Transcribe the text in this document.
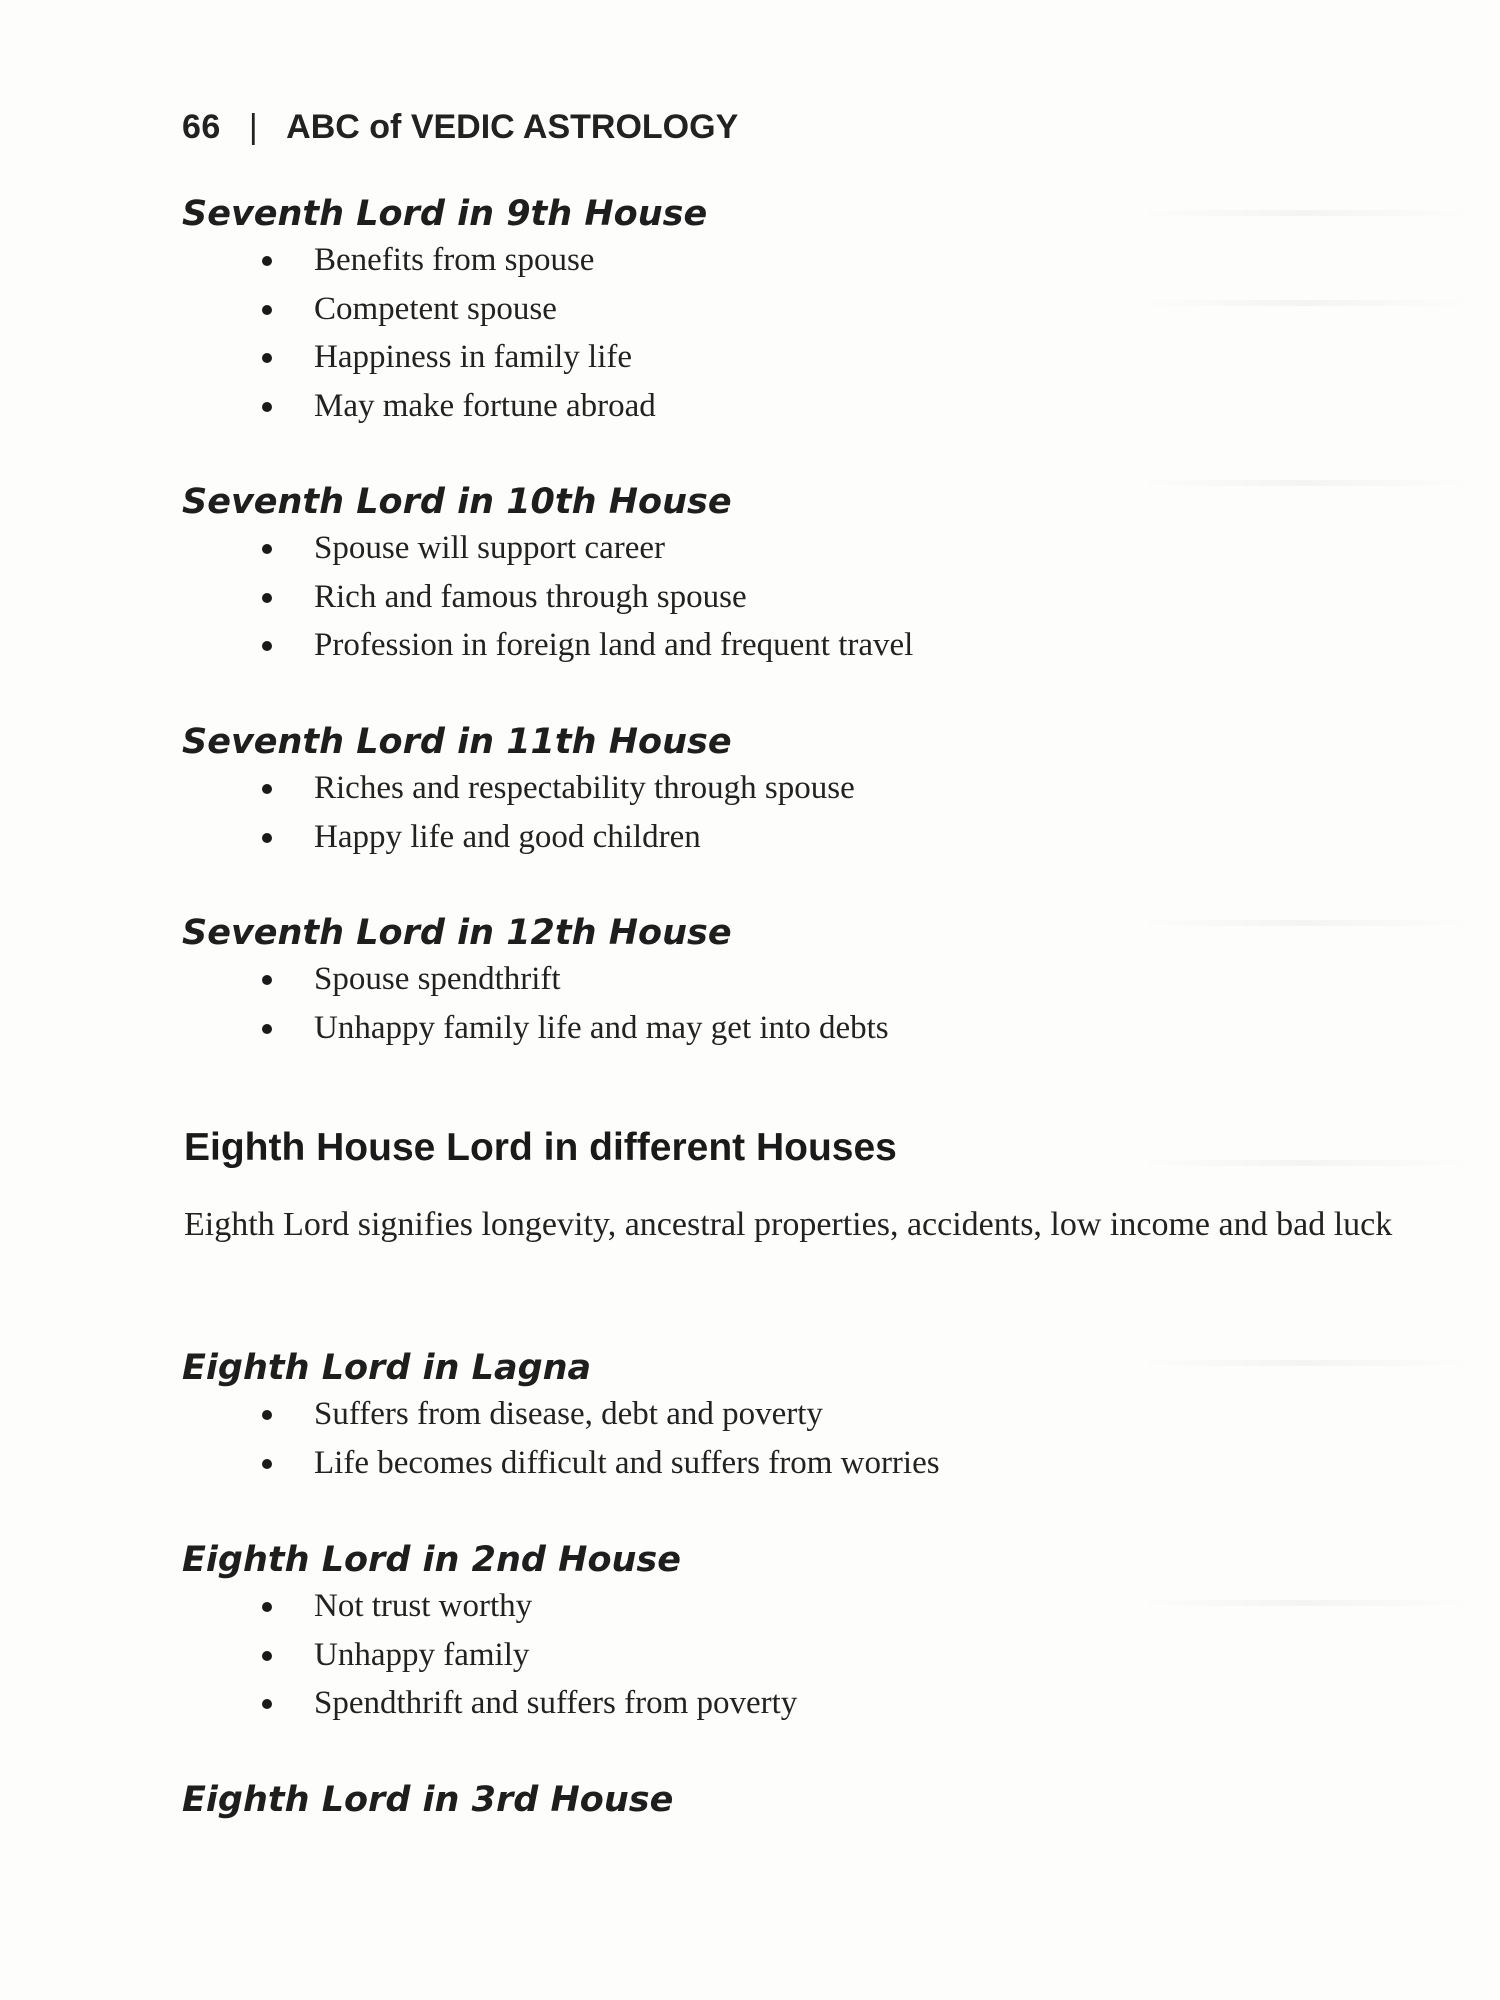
66 | ABC of VEDIC ASTROLOGY
Seventh Lord in 9th House
Benefits from spouse
Competent spouse
Happiness in family life
May make fortune abroad
Seventh Lord in 10th House
Spouse will support career
Rich and famous through spouse
Profession in foreign land and frequent travel
Seventh Lord in 11th House
Riches and respectability through spouse
Happy life and good children
Seventh Lord in 12th House
Spouse spendthrift
Unhappy family life and may get into debts
Eighth House Lord in different Houses

Eighth Lord signifies longevity, ancestral properties, accidents, low income and bad luck

Eighth Lord in Lagna
Suffers from disease, debt and poverty
Life becomes difficult and suffers from worries
Eighth Lord in 2nd House
Not trust worthy
Unhappy family
Spendthrift and suffers from poverty
Eighth Lord in 3rd House
